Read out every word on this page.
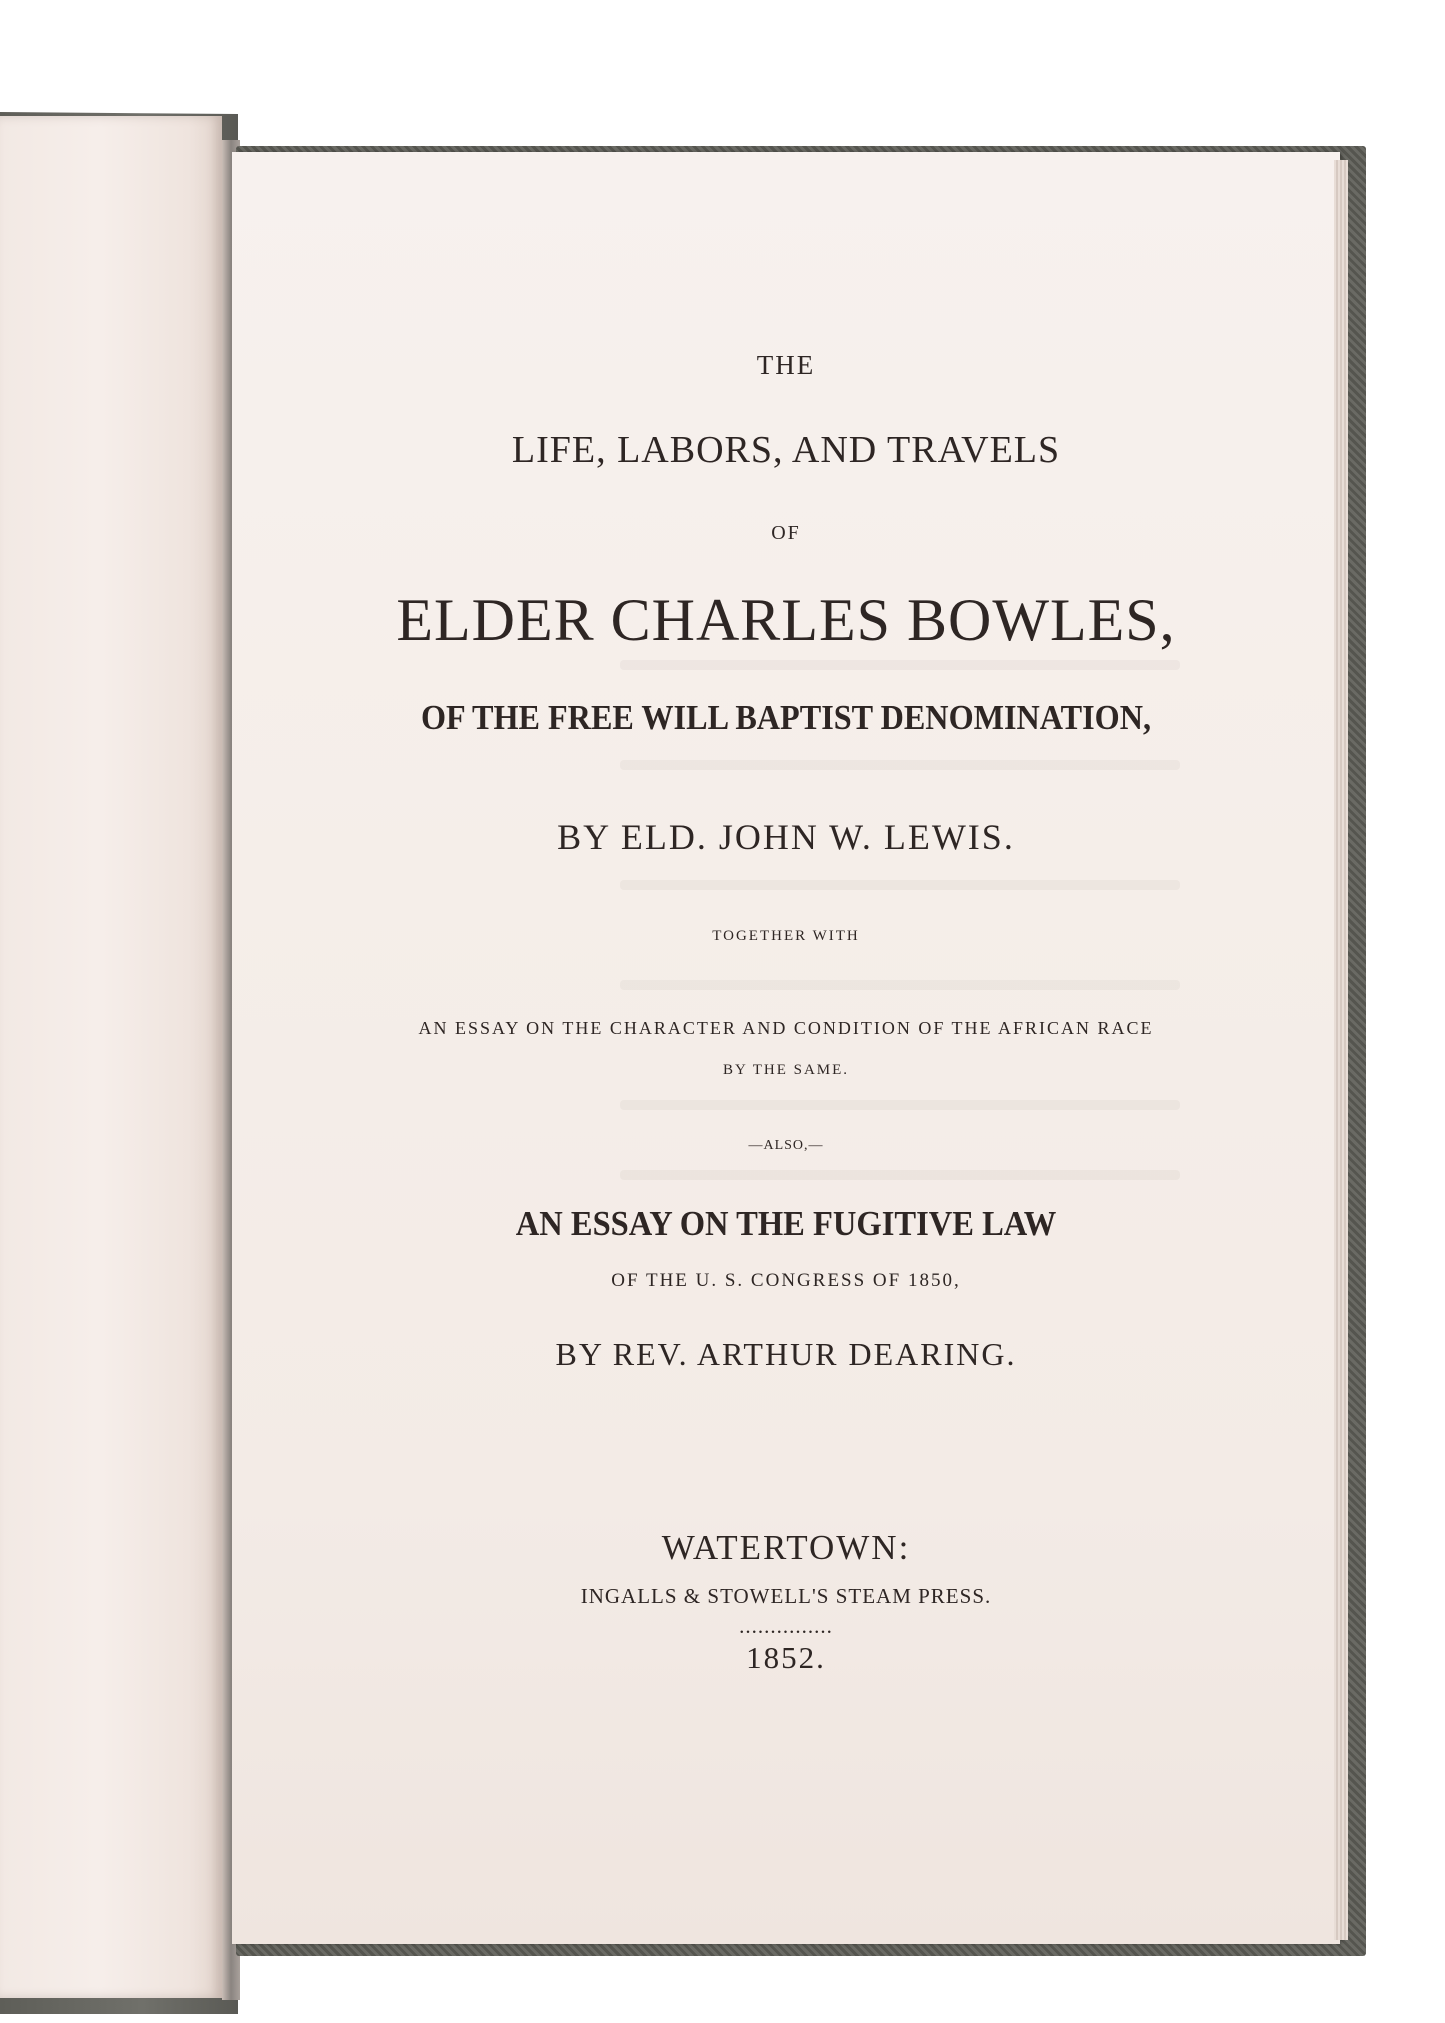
THE
LIFE, LABORS, AND TRAVELS
OF
ELDER CHARLES BOWLES,
OF THE FREE WILL BAPTIST DENOMINATION,
BY ELD. JOHN W. LEWIS.
TOGETHER WITH
AN ESSAY ON THE CHARACTER AND CONDITION OF THE AFRICAN RACE
BY THE SAME.
—ALSO,—
AN ESSAY ON THE FUGITIVE LAW
OF THE U. S. CONGRESS OF 1850,
BY REV. ARTHUR DEARING.
WATERTOWN:
INGALLS & STOWELL'S STEAM PRESS.
...............
1852.
